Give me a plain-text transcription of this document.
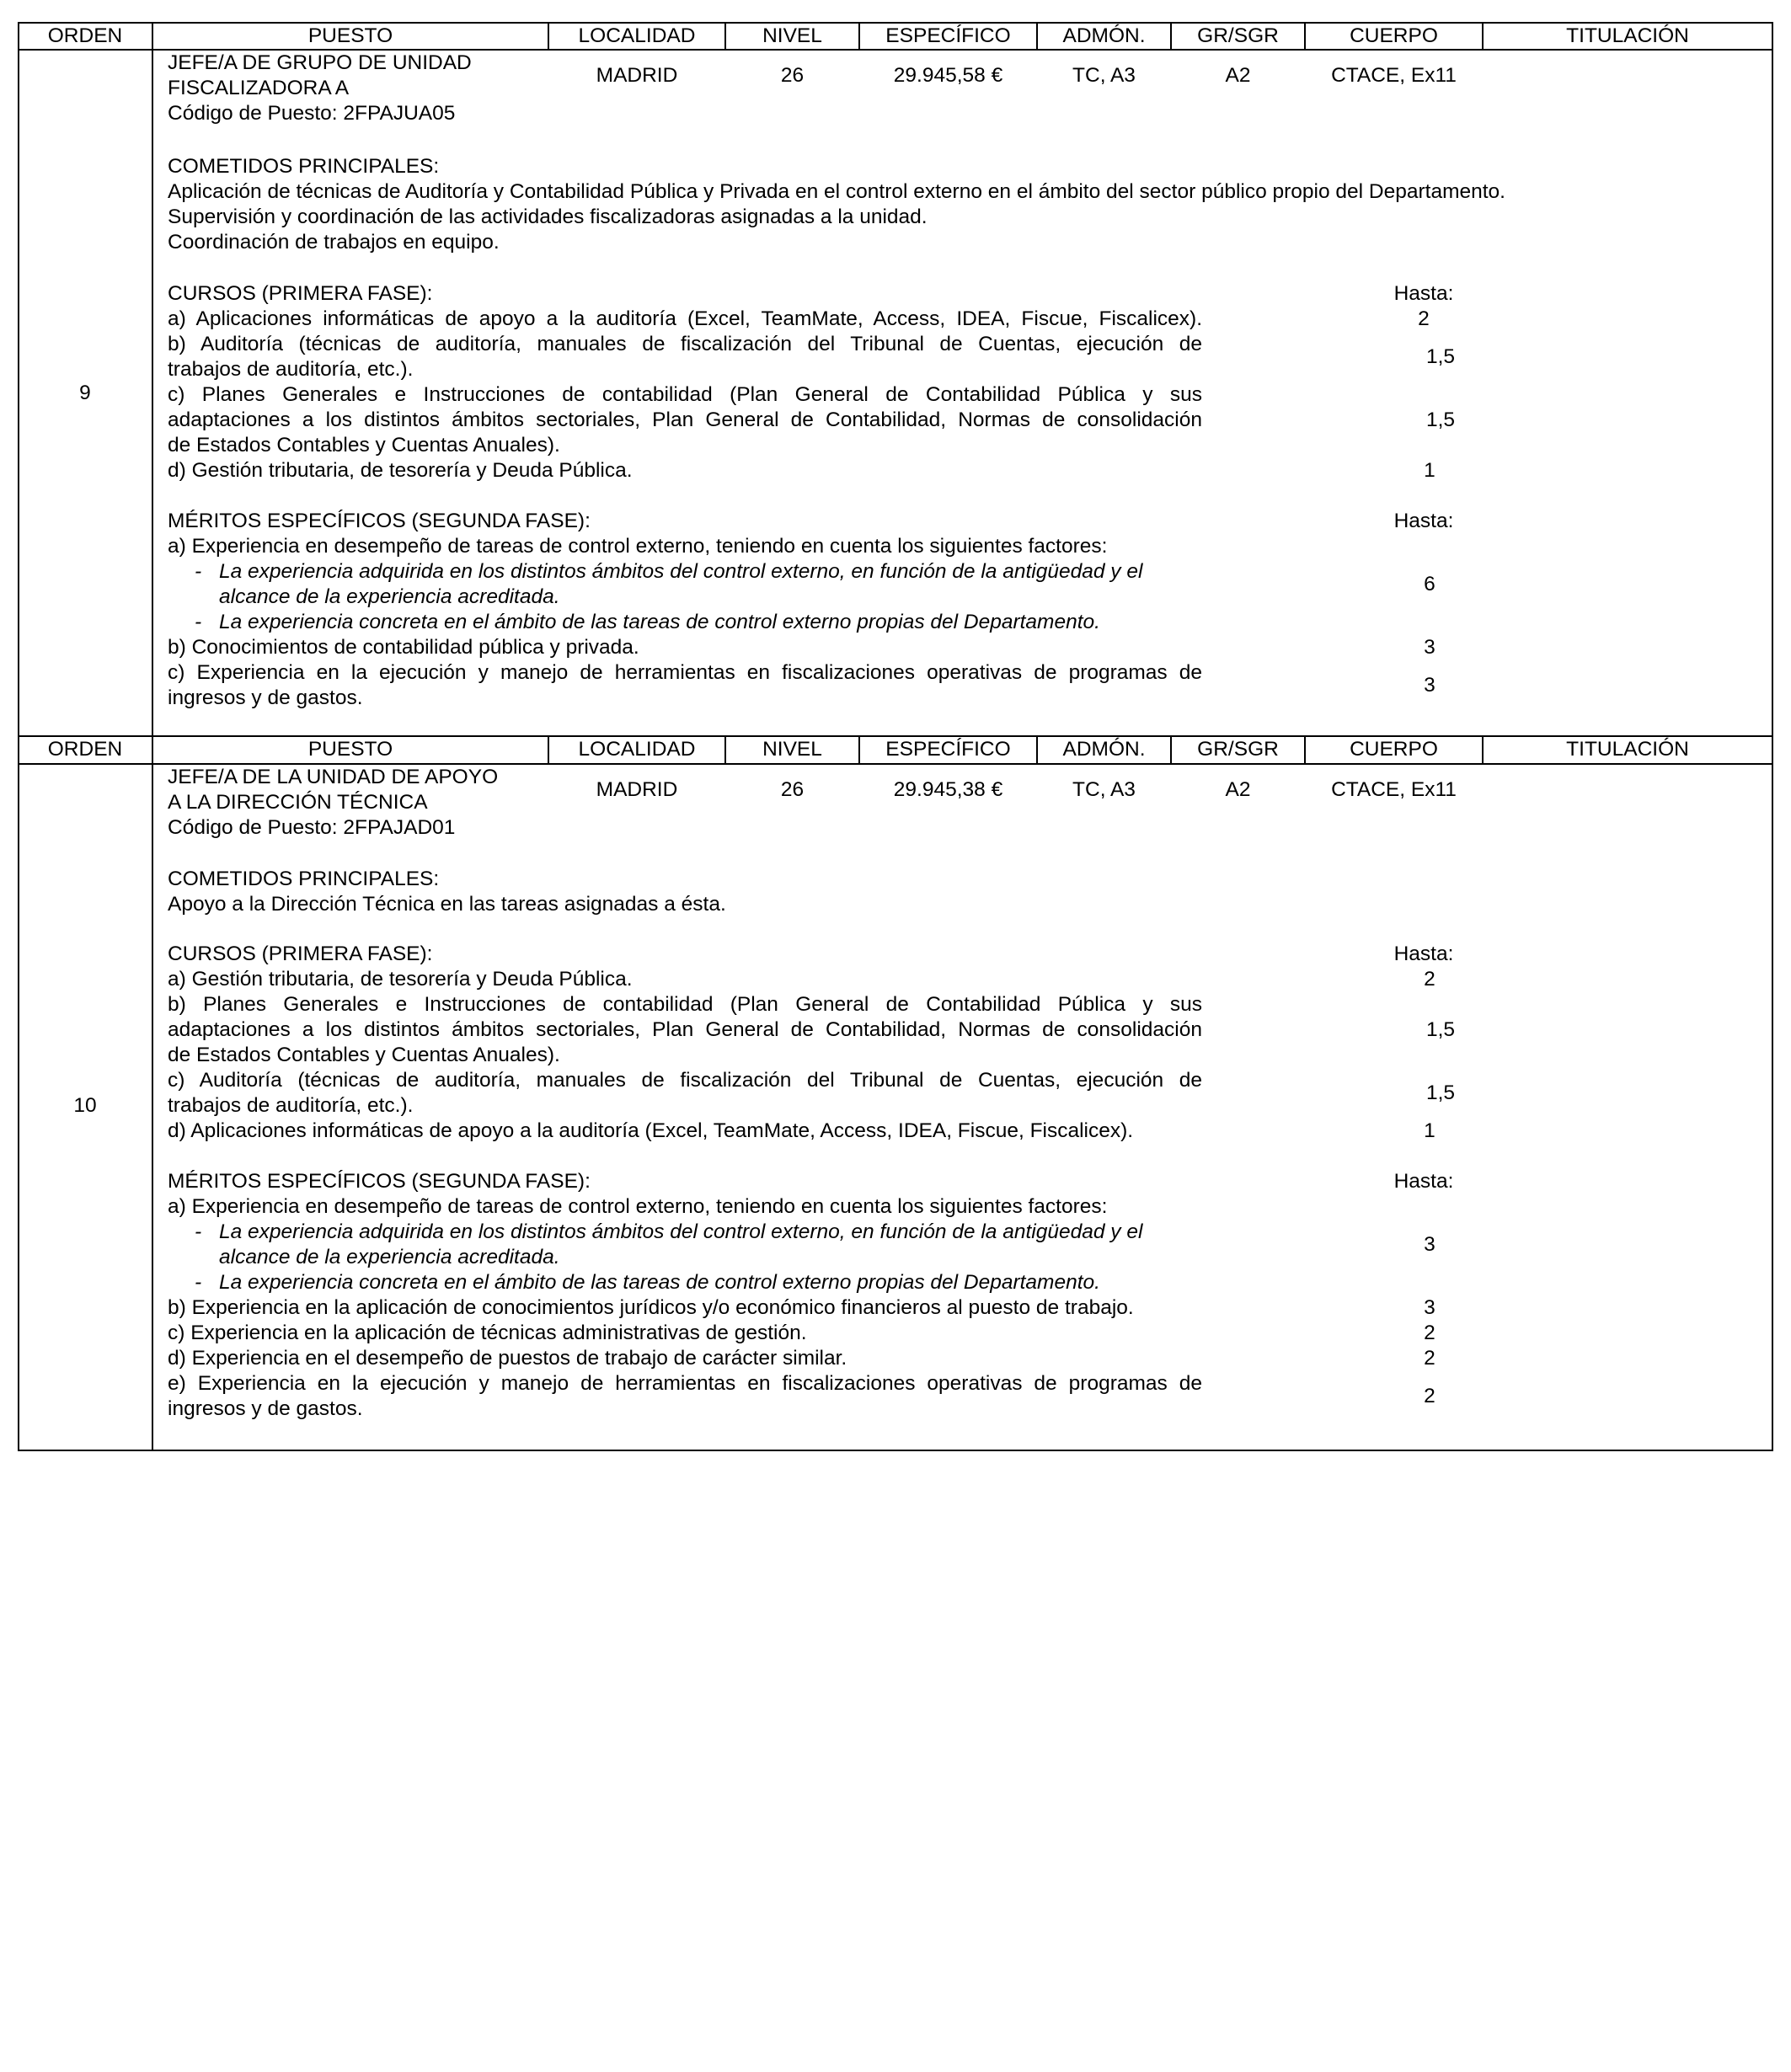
ORDEN	PUESTO	LOCALIDAD	NIVEL	ESPECÍFICO	ADMÓN.	GR/SGR	CUERPO	TITULACIÓN
9
JEFE/A DE GRUPO DE UNIDAD
FISCALIZADORA A
Código de Puesto: 2FPAJUA05
MADRID	26	29.945,58 €	TC, A3	A2	CTACE, Ex11
COMETIDOS PRINCIPALES:
Aplicación de técnicas de Auditoría y Contabilidad Pública y Privada en el control externo en el ámbito del sector público propio del Departamento.
Supervisión y coordinación de las actividades fiscalizadoras asignadas a la unidad.
Coordinación de trabajos en equipo.
CURSOS (PRIMERA FASE):	Hasta:
a) Aplicaciones informáticas de apoyo a la auditoría (Excel, TeamMate, Access, IDEA, Fiscue, Fiscalicex).	2
b) Auditoría (técnicas de auditoría, manuales de fiscalización del Tribunal de Cuentas, ejecución de
trabajos de auditoría, etc.).
1,5
c) Planes Generales e Instrucciones de contabilidad (Plan General de Contabilidad Pública y sus
adaptaciones a los distintos ámbitos sectoriales, Plan General de Contabilidad, Normas de consolidación
de Estados Contables y Cuentas Anuales).
1,5
d) Gestión tributaria, de tesorería y Deuda Pública.	1
MÉRITOS ESPECÍFICOS (SEGUNDA FASE):	Hasta:
a) Experiencia en desempeño de tareas de control externo, teniendo en cuenta los siguientes factores:
- La experiencia adquirida en los distintos ámbitos del control externo, en función de la antigüedad y el
alcance de la experiencia acreditada.
- La experiencia concreta en el ámbito de las tareas de control externo propias del Departamento.
6
b) Conocimientos de contabilidad pública y privada.	3
c) Experiencia en la ejecución y manejo de herramientas en fiscalizaciones operativas de programas de
ingresos y de gastos.
3
ORDEN	PUESTO	LOCALIDAD	NIVEL	ESPECÍFICO	ADMÓN.	GR/SGR	CUERPO	TITULACIÓN
10
JEFE/A DE LA UNIDAD DE APOYO
A LA DIRECCIÓN TÉCNICA
Código de Puesto: 2FPAJAD01
MADRID	26	29.945,38 €	TC, A3	A2	CTACE, Ex11
COMETIDOS PRINCIPALES:
Apoyo a la Dirección Técnica en las tareas asignadas a ésta.
CURSOS (PRIMERA FASE):	Hasta:
a) Gestión tributaria, de tesorería y Deuda Pública.	2
b) Planes Generales e Instrucciones de contabilidad (Plan General de Contabilidad Pública y sus
adaptaciones a los distintos ámbitos sectoriales, Plan General de Contabilidad, Normas de consolidación
de Estados Contables y Cuentas Anuales).
1,5
c) Auditoría (técnicas de auditoría, manuales de fiscalización del Tribunal de Cuentas, ejecución de
trabajos de auditoría, etc.).
1,5
d) Aplicaciones informáticas de apoyo a la auditoría (Excel, TeamMate, Access, IDEA, Fiscue, Fiscalicex).	1
MÉRITOS ESPECÍFICOS (SEGUNDA FASE):	Hasta:
a) Experiencia en desempeño de tareas de control externo, teniendo en cuenta los siguientes factores:
- La experiencia adquirida en los distintos ámbitos del control externo, en función de la antigüedad y el
alcance de la experiencia acreditada.
- La experiencia concreta en el ámbito de las tareas de control externo propias del Departamento.
3
b) Experiencia en la aplicación de conocimientos jurídicos y/o económico financieros al puesto de trabajo.	3
c) Experiencia en la aplicación de técnicas administrativas de gestión.	2
d) Experiencia en el desempeño de puestos de trabajo de carácter similar.	2
e) Experiencia en la ejecución y manejo de herramientas en fiscalizaciones operativas de programas de
ingresos y de gastos.
2
